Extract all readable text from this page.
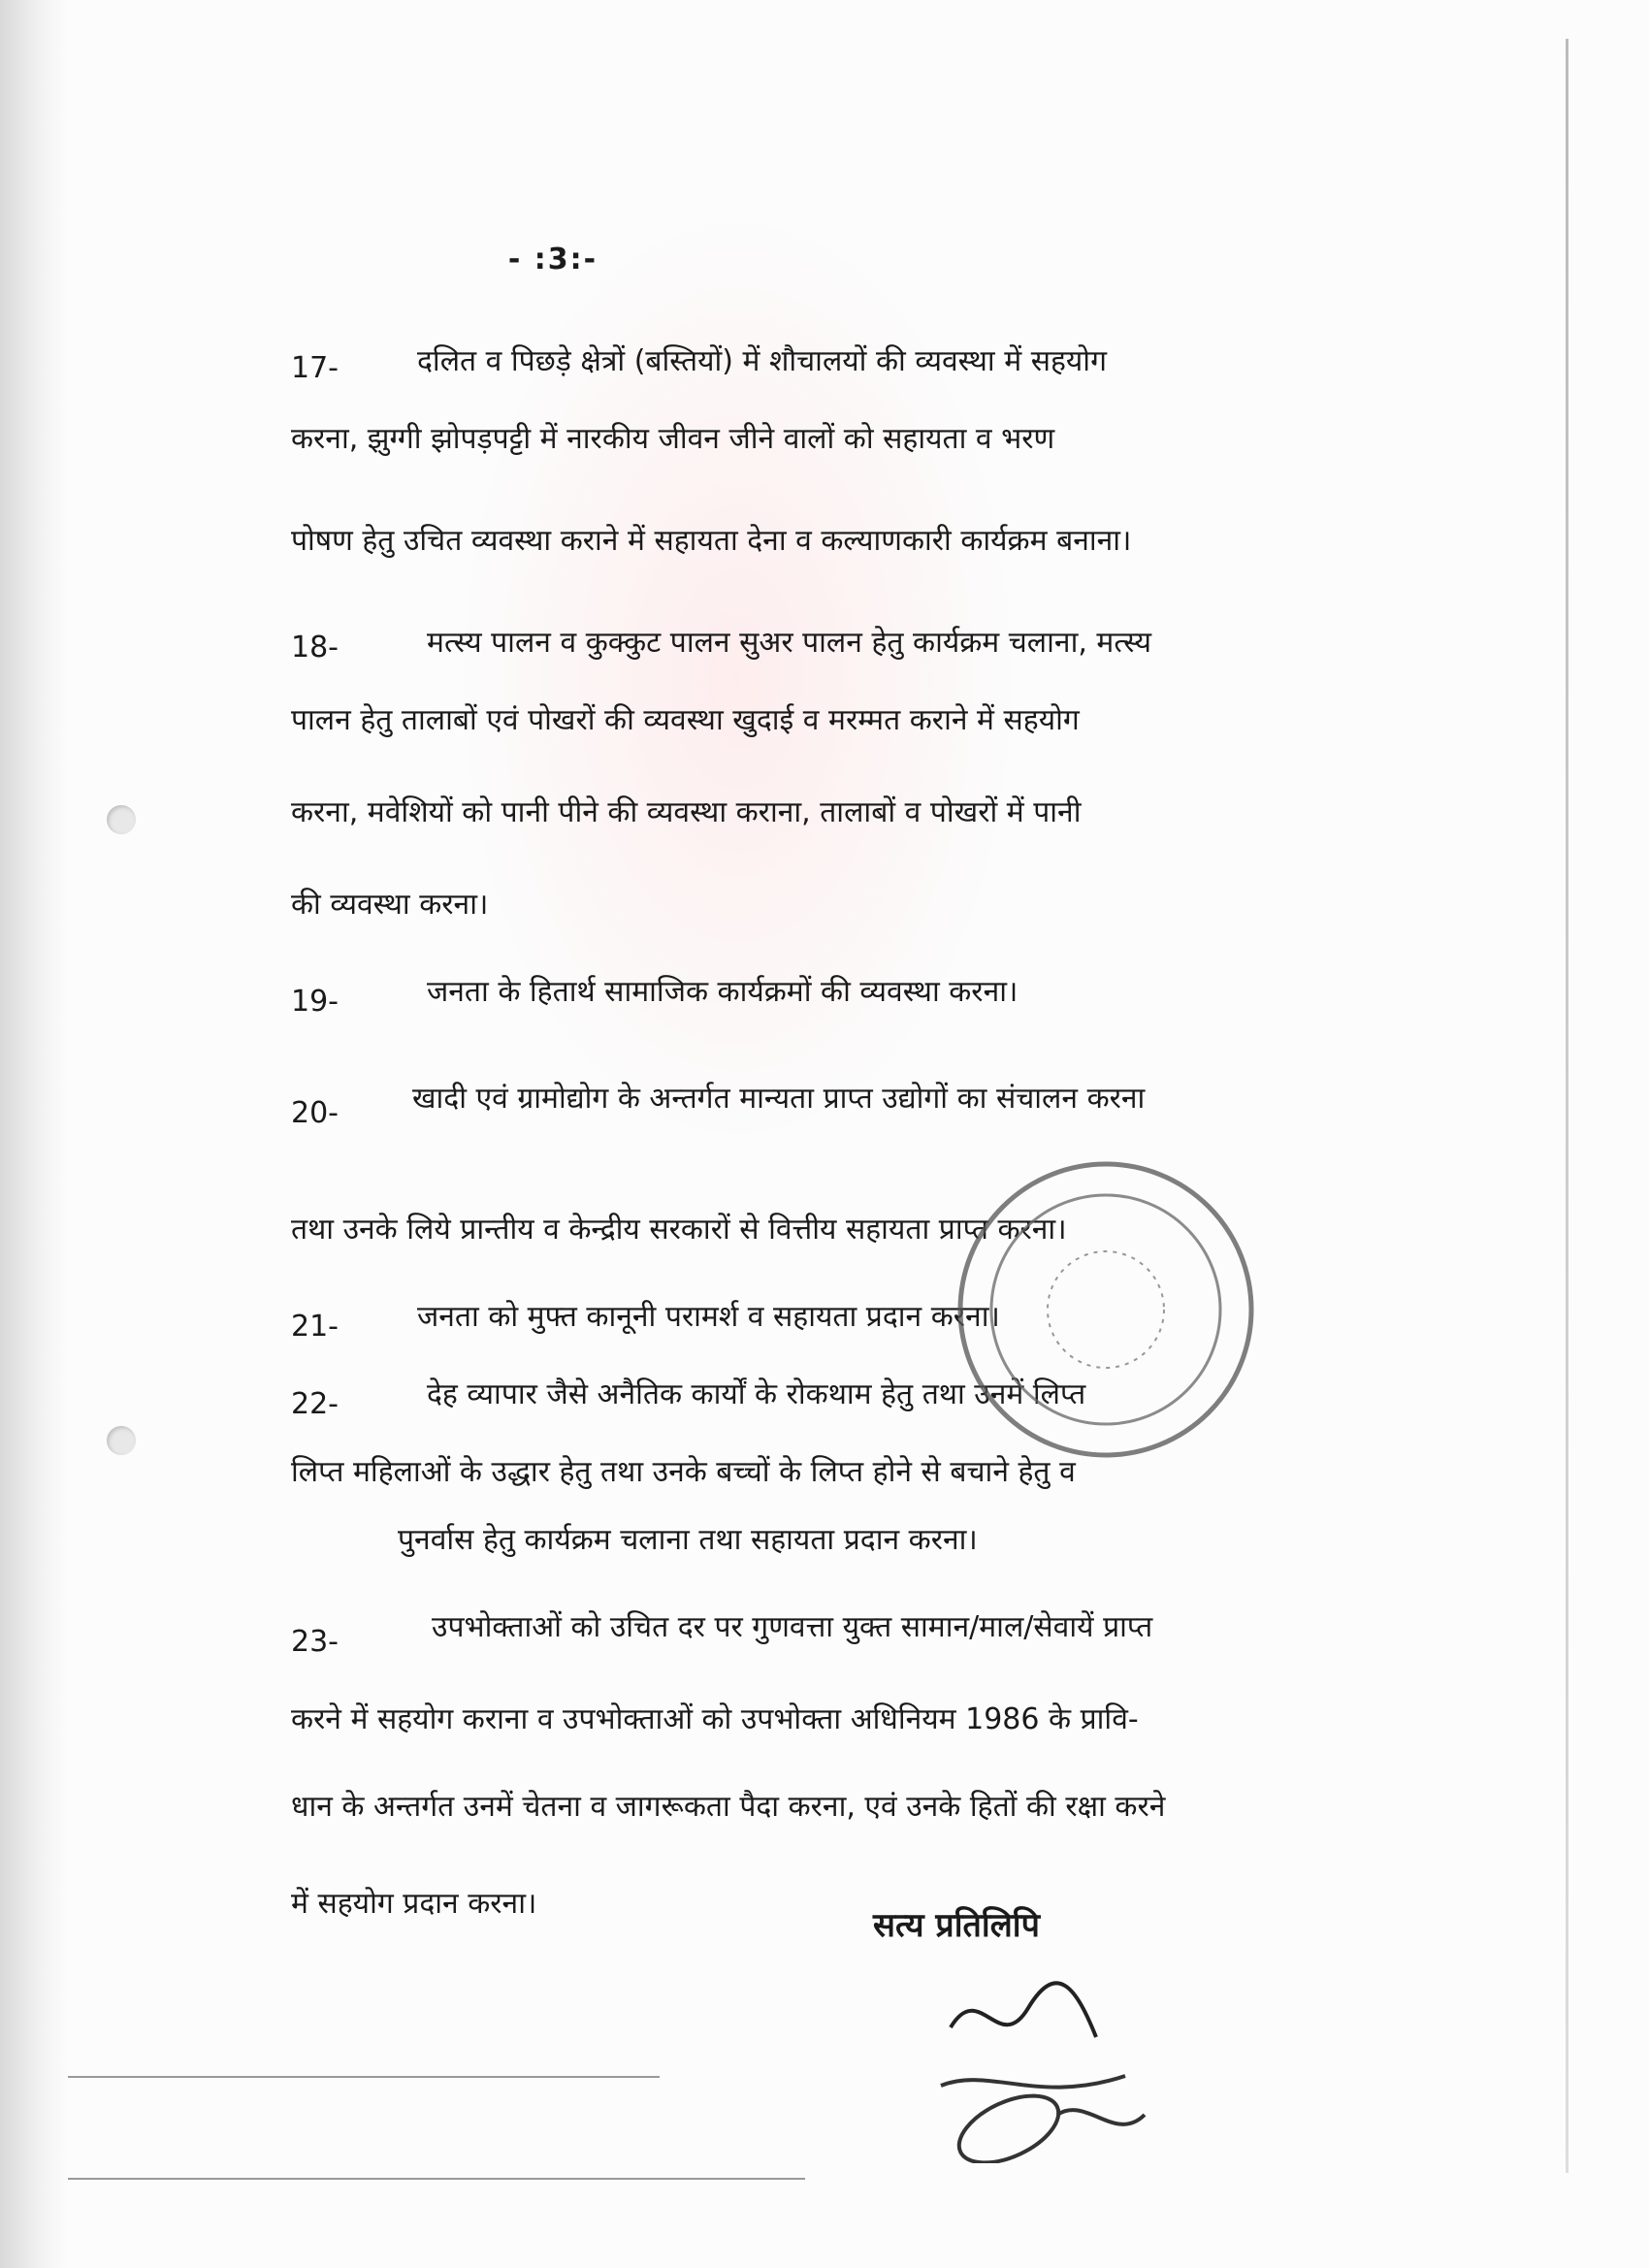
- :3:-
17-	दलित व पिछड़े क्षेत्रों (बस्तियों) में शौचालयों की व्यवस्था में सहयोग
करना, झुग्गी झोपड़पट्टी में नारकीय जीवन जीने वालों को सहायता व भरण
पोषण हेतु उचित व्यवस्था कराने में सहायता देना व कल्याणकारी कार्यक्रम बनाना।
18-	मत्स्य पालन व कुक्कुट पालन सुअर पालन हेतु कार्यक्रम चलाना, मत्स्य
पालन हेतु तालाबों एवं पोखरों की व्यवस्था खुदाई व मरम्मत कराने में सहयोग
करना, मवेशियों को पानी पीने की व्यवस्था कराना, तालाबों व पोखरों में पानी
की व्यवस्था करना।
19-	जनता के हितार्थ सामाजिक कार्यक्रमों की व्यवस्था करना।
20-	खादी एवं ग्रामोद्योग के अन्तर्गत मान्यता प्राप्त उद्योगों का संचालन करना
तथा उनके लिये प्रान्तीय व केन्द्रीय सरकारों से वित्तीय सहायता प्राप्त करना।
21-	जनता को मुफ्त कानूनी परामर्श व सहायता प्रदान करना।
22-	देह व्यापार जैसे अनैतिक कार्यों के रोकथाम हेतु तथा उनमें लिप्त
लिप्त महिलाओं के उद्धार हेतु तथा उनके बच्चों के लिप्त होने से बचाने हेतु व
पुनर्वास हेतु कार्यक्रम चलाना तथा सहायता प्रदान करना।
23-	उपभोक्ताओं को उचित दर पर गुणवत्ता युक्त सामान/माल/सेवायें प्राप्त
करने में सहयोग कराना व उपभोक्ताओं को उपभोक्ता अधिनियम 1986 के प्रावि-
धान के अन्तर्गत उनमें चेतना व जागरूकता पैदा करना, एवं उनके हितों की रक्षा करने
में सहयोग प्रदान करना।
सत्य प्रतिलिपि
